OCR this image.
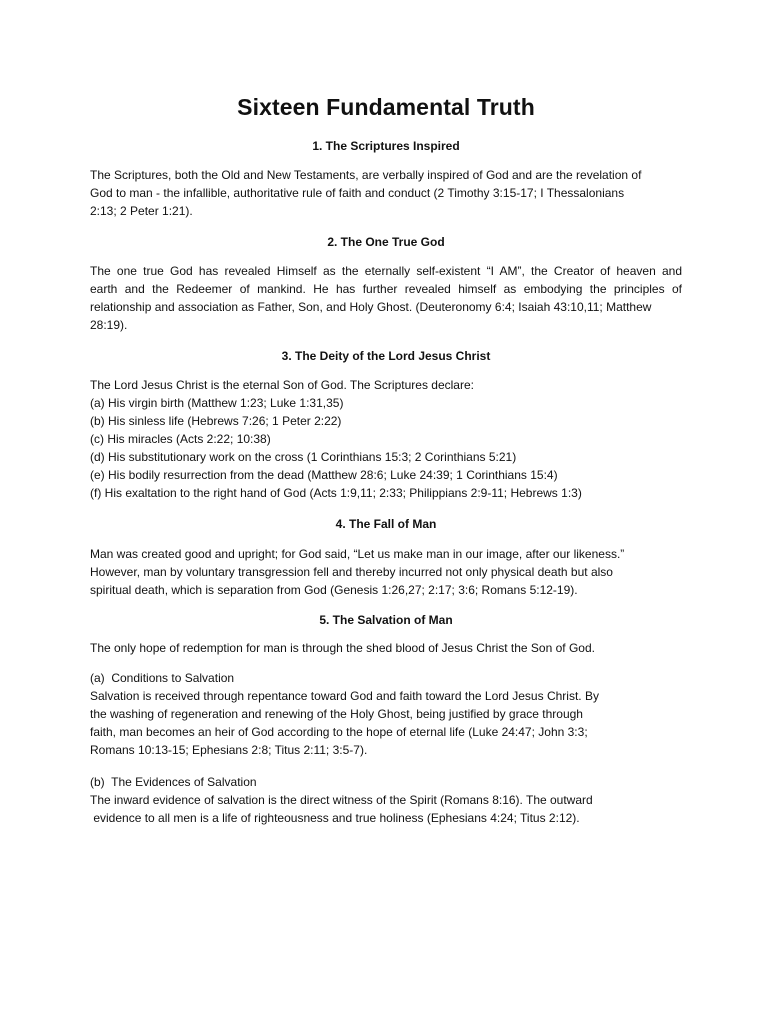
Sixteen Fundamental Truth
1. The Scriptures Inspired
The Scriptures, both the Old and New Testaments, are verbally inspired of God and are the revelation of
God to man - the infallible, authoritative rule of faith and conduct (2 Timothy 3:15-17; I Thessalonians
2:13; 2 Peter 1:21).
2. The One True God
The one true God has revealed Himself as the eternally self-existent “I AM”, the Creator of heaven and
earth and the Redeemer of mankind. He has further revealed himself as embodying the principles of
relationship and association as Father, Son, and Holy Ghost. (Deuteronomy 6:4; Isaiah 43:10,11; Matthew
28:19).
3. The Deity of the Lord Jesus Christ
The Lord Jesus Christ is the eternal Son of God. The Scriptures declare:
(a) His virgin birth (Matthew 1:23; Luke 1:31,35)
(b) His sinless life (Hebrews 7:26; 1 Peter 2:22)
(c) His miracles (Acts 2:22; 10:38)
(d) His substitutionary work on the cross (1 Corinthians 15:3; 2 Corinthians 5:21)
(e) His bodily resurrection from the dead (Matthew 28:6; Luke 24:39; 1 Corinthians 15:4)
(f) His exaltation to the right hand of God (Acts 1:9,11; 2:33; Philippians 2:9-11; Hebrews 1:3)
4. The Fall of Man
Man was created good and upright; for God said, “Let us make man in our image, after our likeness.”
However, man by voluntary transgression fell and thereby incurred not only physical death but also
spiritual death, which is separation from God (Genesis 1:26,27; 2:17; 3:6; Romans 5:12-19).
5. The Salvation of Man
The only hope of redemption for man is through the shed blood of Jesus Christ the Son of God.
(a)  Conditions to Salvation
Salvation is received through repentance toward God and faith toward the Lord Jesus Christ. By
the washing of regeneration and renewing of the Holy Ghost, being justified by grace through
faith, man becomes an heir of God according to the hope of eternal life (Luke 24:47; John 3:3;
Romans 10:13-15; Ephesians 2:8; Titus 2:11; 3:5-7).
(b)  The Evidences of Salvation
The inward evidence of salvation is the direct witness of the Spirit (Romans 8:16). The outward
evidence to all men is a life of righteousness and true holiness (Ephesians 4:24; Titus 2:12).
